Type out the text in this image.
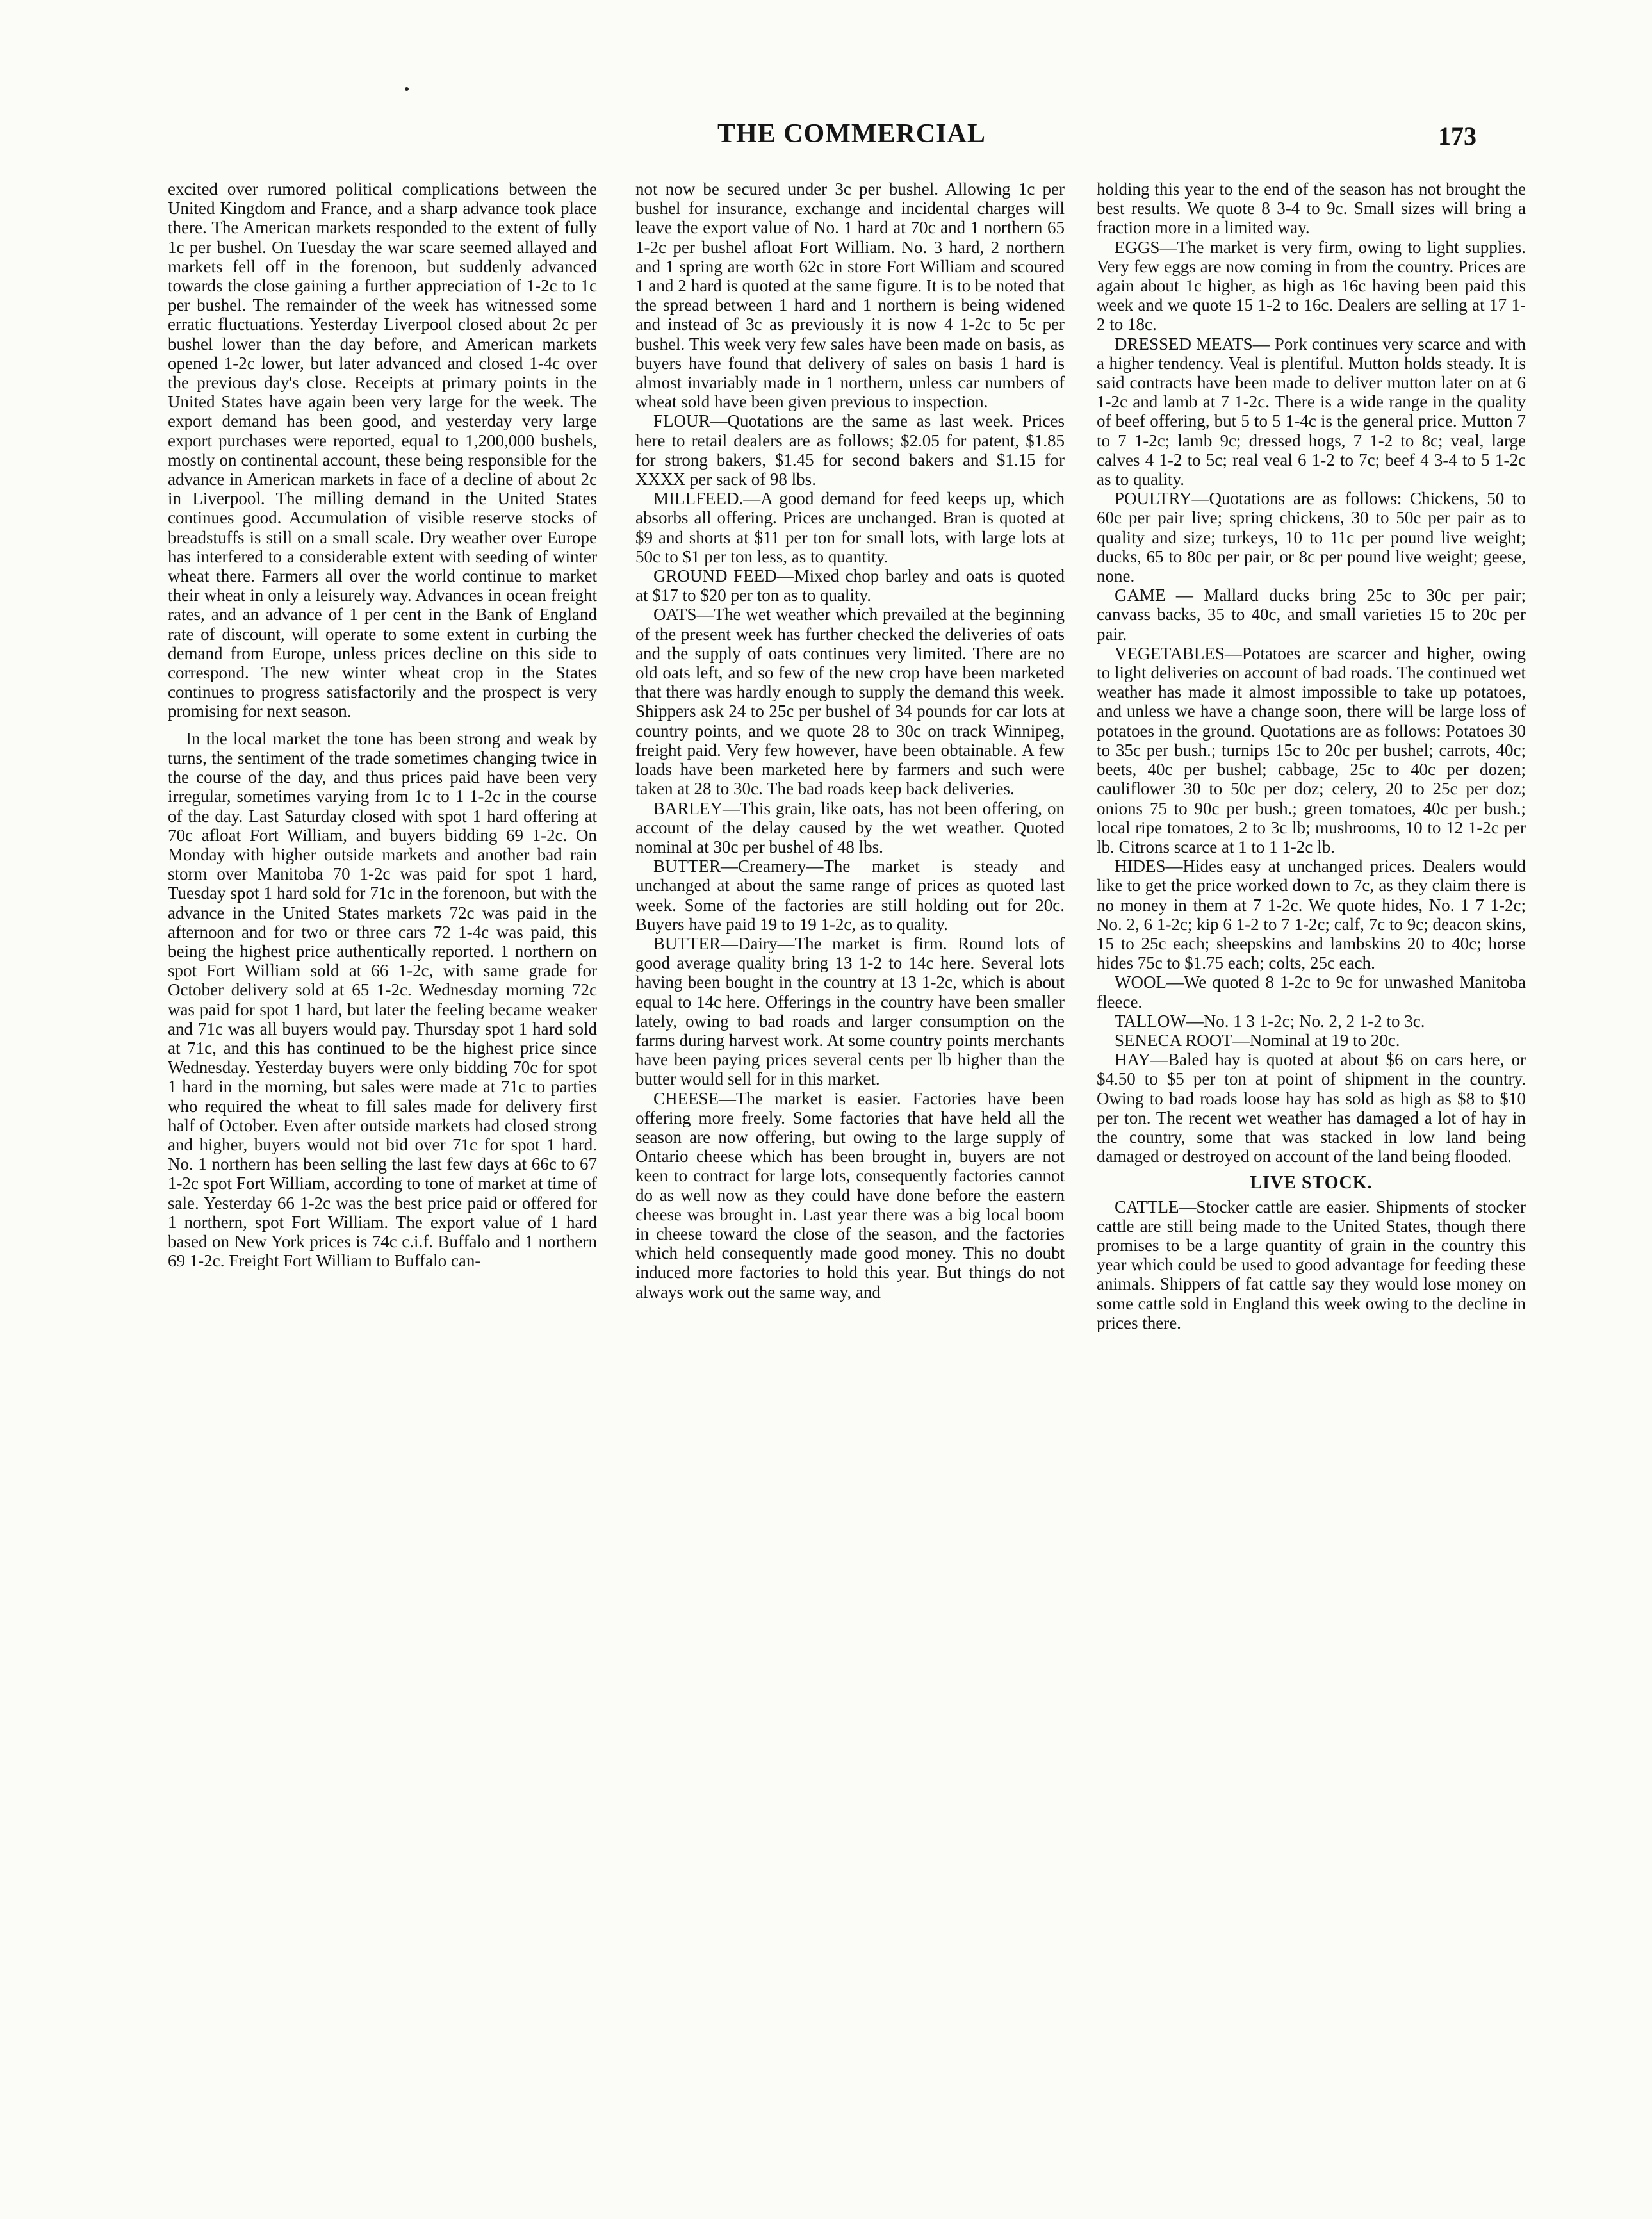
THE COMMERCIAL	173

excited over rumored political complications between the United Kingdom and France, and a sharp advance took place there. The American markets responded to the extent of fully 1c per bushel. On Tuesday the war scare seemed allayed and markets fell off in the forenoon, but suddenly advanced towards the close gaining a further appreciation of 1-2c to 1c per bushel. The remainder of the week has witnessed some erratic fluctuations. Yesterday Liverpool closed about 2c per bushel lower than the day before, and American markets opened 1-2c lower, but later advanced and closed 1-4c over the previous day's close. Receipts at primary points in the United States have again been very large for the week. The export demand has been good, and yesterday very large export purchases were reported, equal to 1,200,000 bushels, mostly on continental account, these being responsible for the advance in American markets in face of a decline of about 2c in Liverpool. The milling demand in the United States continues good. Accumulation of visible reserve stocks of breadstuffs is still on a small scale. Dry weather over Europe has interfered to a considerable extent with seeding of winter wheat there. Farmers all over the world continue to market their wheat in only a leisurely way. Advances in ocean freight rates, and an advance of 1 per cent in the Bank of England rate of discount, will operate to some extent in curbing the demand from Europe, unless prices decline on this side to correspond. The new winter wheat crop in the States continues to progress satisfactorily and the prospect is very promising for next season.

In the local market the tone has been strong and weak by turns, the sentiment of the trade sometimes changing twice in the course of the day, and thus prices paid have been very irregular, sometimes varying from 1c to 1 1-2c in the course of the day. Last Saturday closed with spot 1 hard offering at 70c afloat Fort William, and buyers bidding 69 1-2c. On Monday with higher outside markets and another bad rain storm over Manitoba 70 1-2c was paid for spot 1 hard, Tuesday spot 1 hard sold for 71c in the forenoon, but with the advance in the United States markets 72c was paid in the afternoon and for two or three cars 72 1-4c was paid, this being the highest price authentically reported. 1 northern on spot Fort William sold at 66 1-2c, with same grade for October delivery sold at 65 1-2c. Wednesday morning 72c was paid for spot 1 hard, but later the feeling became weaker and 71c was all buyers would pay. Thursday spot 1 hard sold at 71c, and this has continued to be the highest price since Wednesday. Yesterday buyers were only bidding 70c for spot 1 hard in the morning, but sales were made at 71c to parties who required the wheat to fill sales made for delivery first half of October. Even after outside markets had closed strong and higher, buyers would not bid over 71c for spot 1 hard. No. 1 northern has been selling the last few days at 66c to 67 1-2c spot Fort William, according to tone of market at time of sale. Yesterday 66 1-2c was the best price paid or offered for 1 northern, spot Fort William. The export value of 1 hard based on New York prices is 74c c.i.f. Buffalo and 1 northern 69 1-2c. Freight Fort William to Buffalo can-

not now be secured under 3c per bushel. Allowing 1c per bushel for insurance, exchange and incidental charges will leave the export value of No. 1 hard at 70c and 1 northern 65 1-2c per bushel afloat Fort William. No. 3 hard, 2 northern and 1 spring are worth 62c in store Fort William and scoured 1 and 2 hard is quoted at the same figure. It is to be noted that the spread between 1 hard and 1 northern is being widened and instead of 3c as previously it is now 4 1-2c to 5c per bushel. This week very few sales have been made on basis, as buyers have found that delivery of sales on basis 1 hard is almost invariably made in 1 northern, unless car numbers of wheat sold have been given previous to inspection.

FLOUR—Quotations are the same as last week. Prices here to retail dealers are as follows; $2.05 for patent, $1.85 for strong bakers, $1.45 for second bakers and $1.15 for XXXX per sack of 98 lbs.

MILLFEED.—A good demand for feed keeps up, which absorbs all offering. Prices are unchanged. Bran is quoted at $9 and shorts at $11 per ton for small lots, with large lots at 50c to $1 per ton less, as to quantity.

GROUND FEED—Mixed chop barley and oats is quoted at $17 to $20 per ton as to quality.

OATS—The wet weather which prevailed at the beginning of the present week has further checked the deliveries of oats and the supply of oats continues very limited. There are no old oats left, and so few of the new crop have been marketed that there was hardly enough to supply the demand this week. Shippers ask 24 to 25c per bushel of 34 pounds for car lots at country points, and we quote 28 to 30c on track Winnipeg, freight paid. Very few however, have been obtainable. A few loads have been marketed here by farmers and such were taken at 28 to 30c. The bad roads keep back deliveries.

BARLEY—This grain, like oats, has not been offering, on account of the delay caused by the wet weather. Quoted nominal at 30c per bushel of 48 lbs.

BUTTER—Creamery—The market is steady and unchanged at about the same range of prices as quoted last week. Some of the factories are still holding out for 20c. Buyers have paid 19 to 19 1-2c, as to quality.

BUTTER—Dairy—The market is firm. Round lots of good average quality bring 13 1-2 to 14c here. Several lots having been bought in the country at 13 1-2c, which is about equal to 14c here. Offerings in the country have been smaller lately, owing to bad roads and larger consumption on the farms during harvest work. At some country points merchants have been paying prices several cents per lb higher than the butter would sell for in this market.

CHEESE—The market is easier. Factories have been offering more freely. Some factories that have held all the season are now offering, but owing to the large supply of Ontario cheese which has been brought in, buyers are not keen to contract for large lots, consequently factories cannot do as well now as they could have done before the eastern cheese was brought in. Last year there was a big local boom in cheese toward the close of the season, and the factories which held consequently made good money. This no doubt induced more factories to hold this year. But things do not always work out the same way, and

holding this year to the end of the season has not brought the best results. We quote 8 3-4 to 9c. Small sizes will bring a fraction more in a limited way.

EGGS—The market is very firm, owing to light supplies. Very few eggs are now coming in from the country. Prices are again about 1c higher, as high as 16c having been paid this week and we quote 15 1-2 to 16c. Dealers are selling at 17 1-2 to 18c.

DRESSED MEATS— Pork continues very scarce and with a higher tendency. Veal is plentiful. Mutton holds steady. It is said contracts have been made to deliver mutton later on at 6 1-2c and lamb at 7 1-2c. There is a wide range in the quality of beef offering, but 5 to 5 1-4c is the general price. Mutton 7 to 7 1-2c; lamb 9c; dressed hogs, 7 1-2 to 8c; veal, large calves 4 1-2 to 5c; real veal 6 1-2 to 7c; beef 4 3-4 to 5 1-2c as to quality.

POULTRY—Quotations are as follows: Chickens, 50 to 60c per pair live; spring chickens, 30 to 50c per pair as to quality and size; turkeys, 10 to 11c per pound live weight; ducks, 65 to 80c per pair, or 8c per pound live weight; geese, none.

GAME — Mallard ducks bring 25c to 30c per pair; canvass backs, 35 to 40c, and small varieties 15 to 20c per pair.

VEGETABLES—Potatoes are scarcer and higher, owing to light deliveries on account of bad roads. The continued wet weather has made it almost impossible to take up potatoes, and unless we have a change soon, there will be large loss of potatoes in the ground. Quotations are as follows: Potatoes 30 to 35c per bush.; turnips 15c to 20c per bushel; carrots, 40c; beets, 40c per bushel; cabbage, 25c to 40c per dozen; cauliflower 30 to 50c per doz; celery, 20 to 25c per doz; onions 75 to 90c per bush.; green tomatoes, 40c per bush.; local ripe tomatoes, 2 to 3c lb; mushrooms, 10 to 12 1-2c per lb. Citrons scarce at 1 to 1 1-2c lb.

HIDES—Hides easy at unchanged prices. Dealers would like to get the price worked down to 7c, as they claim there is no money in them at 7 1-2c. We quote hides, No. 1 7 1-2c; No. 2, 6 1-2c; kip 6 1-2 to 7 1-2c; calf, 7c to 9c; deacon skins, 15 to 25c each; sheepskins and lambskins 20 to 40c; horse hides 75c to $1.75 each; colts, 25c each.

WOOL—We quoted 8 1-2c to 9c for unwashed Manitoba fleece.

TALLOW—No. 1 3 1-2c; No. 2, 2 1-2 to 3c.

SENECA ROOT—Nominal at 19 to 20c.

HAY—Baled hay is quoted at about $6 on cars here, or $4.50 to $5 per ton at point of shipment in the country. Owing to bad roads loose hay has sold as high as $8 to $10 per ton. The recent wet weather has damaged a lot of hay in the country, some that was stacked in low land being damaged or destroyed on account of the land being flooded.

LIVE STOCK.

CATTLE—Stocker cattle are easier. Shipments of stocker cattle are still being made to the United States, though there promises to be a large quantity of grain in the country this year which could be used to good advantage for feeding these animals. Shippers of fat cattle say they would lose money on some cattle sold in England this week owing to the decline in prices there.
